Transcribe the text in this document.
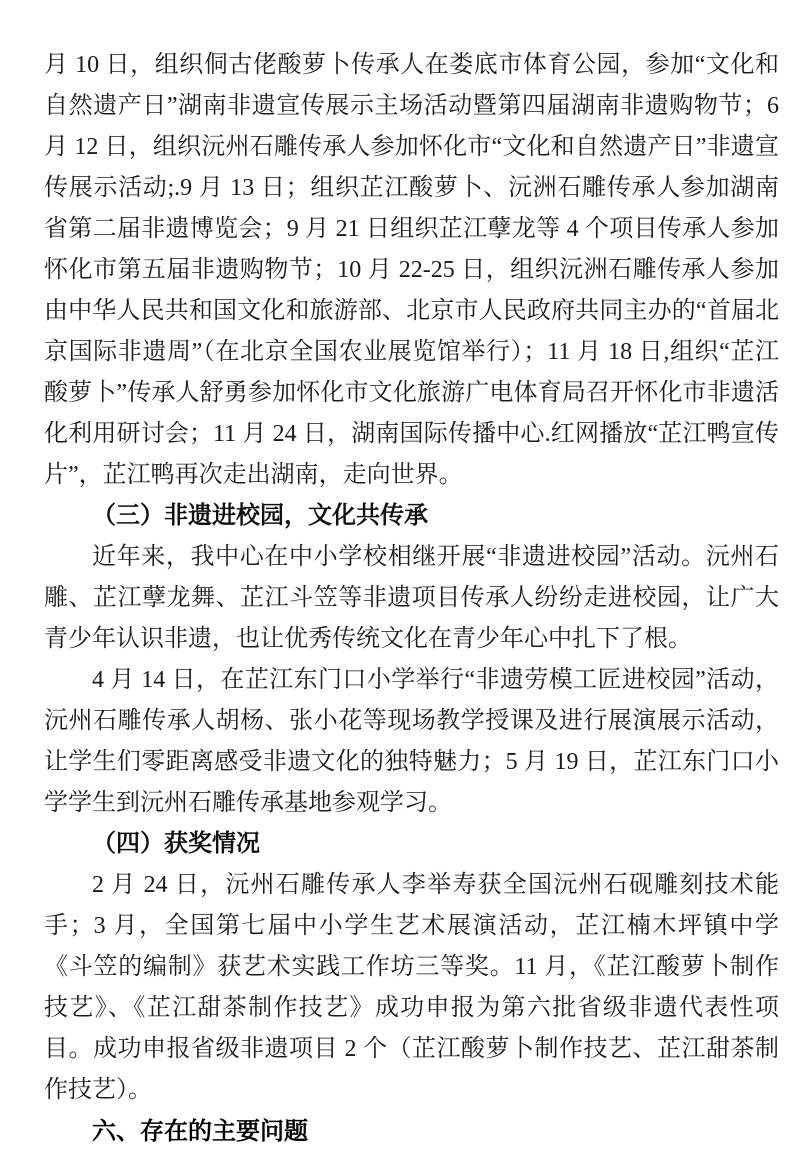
月 10 日，组织侗古佬酸萝卜传承人在娄底市体育公园，参加“文化和自然遗产日”湖南非遗宣传展示主场活动暨第四届湖南非遗购物节；6 月 12 日，组织沅州石雕传承人参加怀化市“文化和自然遗产日”非遗宣传展示活动;.9 月 13 日；组织芷江酸萝卜、沅洲石雕传承人参加湖南省第二届非遗博览会；9 月 21 日组织芷江孽龙等 4 个项目传承人参加怀化市第五届非遗购物节；10 月 22-25 日，组织沅洲石雕传承人参加由中华人民共和国文化和旅游部、北京市人民政府共同主办的“首届北京国际非遗周”（在北京全国农业展览馆举行）；11 月 18 日,组织“芷江酸萝卜”传承人舒勇参加怀化市文化旅游广电体育局召开怀化市非遗活化利用研讨会；11 月 24 日，湖南国际传播中心.红网播放“芷江鸭宣传片”，芷江鸭再次走出湖南，走向世界。

（三）非遗进校园，文化共传承

近年来，我中心在中小学校相继开展“非遗进校园”活动。沅州石雕、芷江孽龙舞、芷江斗笠等非遗项目传承人纷纷走进校园，让广大青少年认识非遗，也让优秀传统文化在青少年心中扎下了根。

4 月 14 日，在芷江东门口小学举行“非遗劳模工匠进校园”活动，沅州石雕传承人胡杨、张小花等现场教学授课及进行展演展示活动，让学生们零距离感受非遗文化的独特魅力；5 月 19 日，芷江东门口小学学生到沅州石雕传承基地参观学习。

（四）获奖情况

2 月 24 日，沅州石雕传承人李举寿获全国沅州石砚雕刻技术能手；3 月，全国第七届中小学生艺术展演活动，芷江楠木坪镇中学《斗笠的编制》获艺术实践工作坊三等奖。11 月，《芷江酸萝卜制作技艺》、《芷江甜茶制作技艺》成功申报为第六批省级非遗代表性项目。成功申报省级非遗项目 2 个（芷江酸萝卜制作技艺、芷江甜茶制作技艺）。

六、存在的主要问题
